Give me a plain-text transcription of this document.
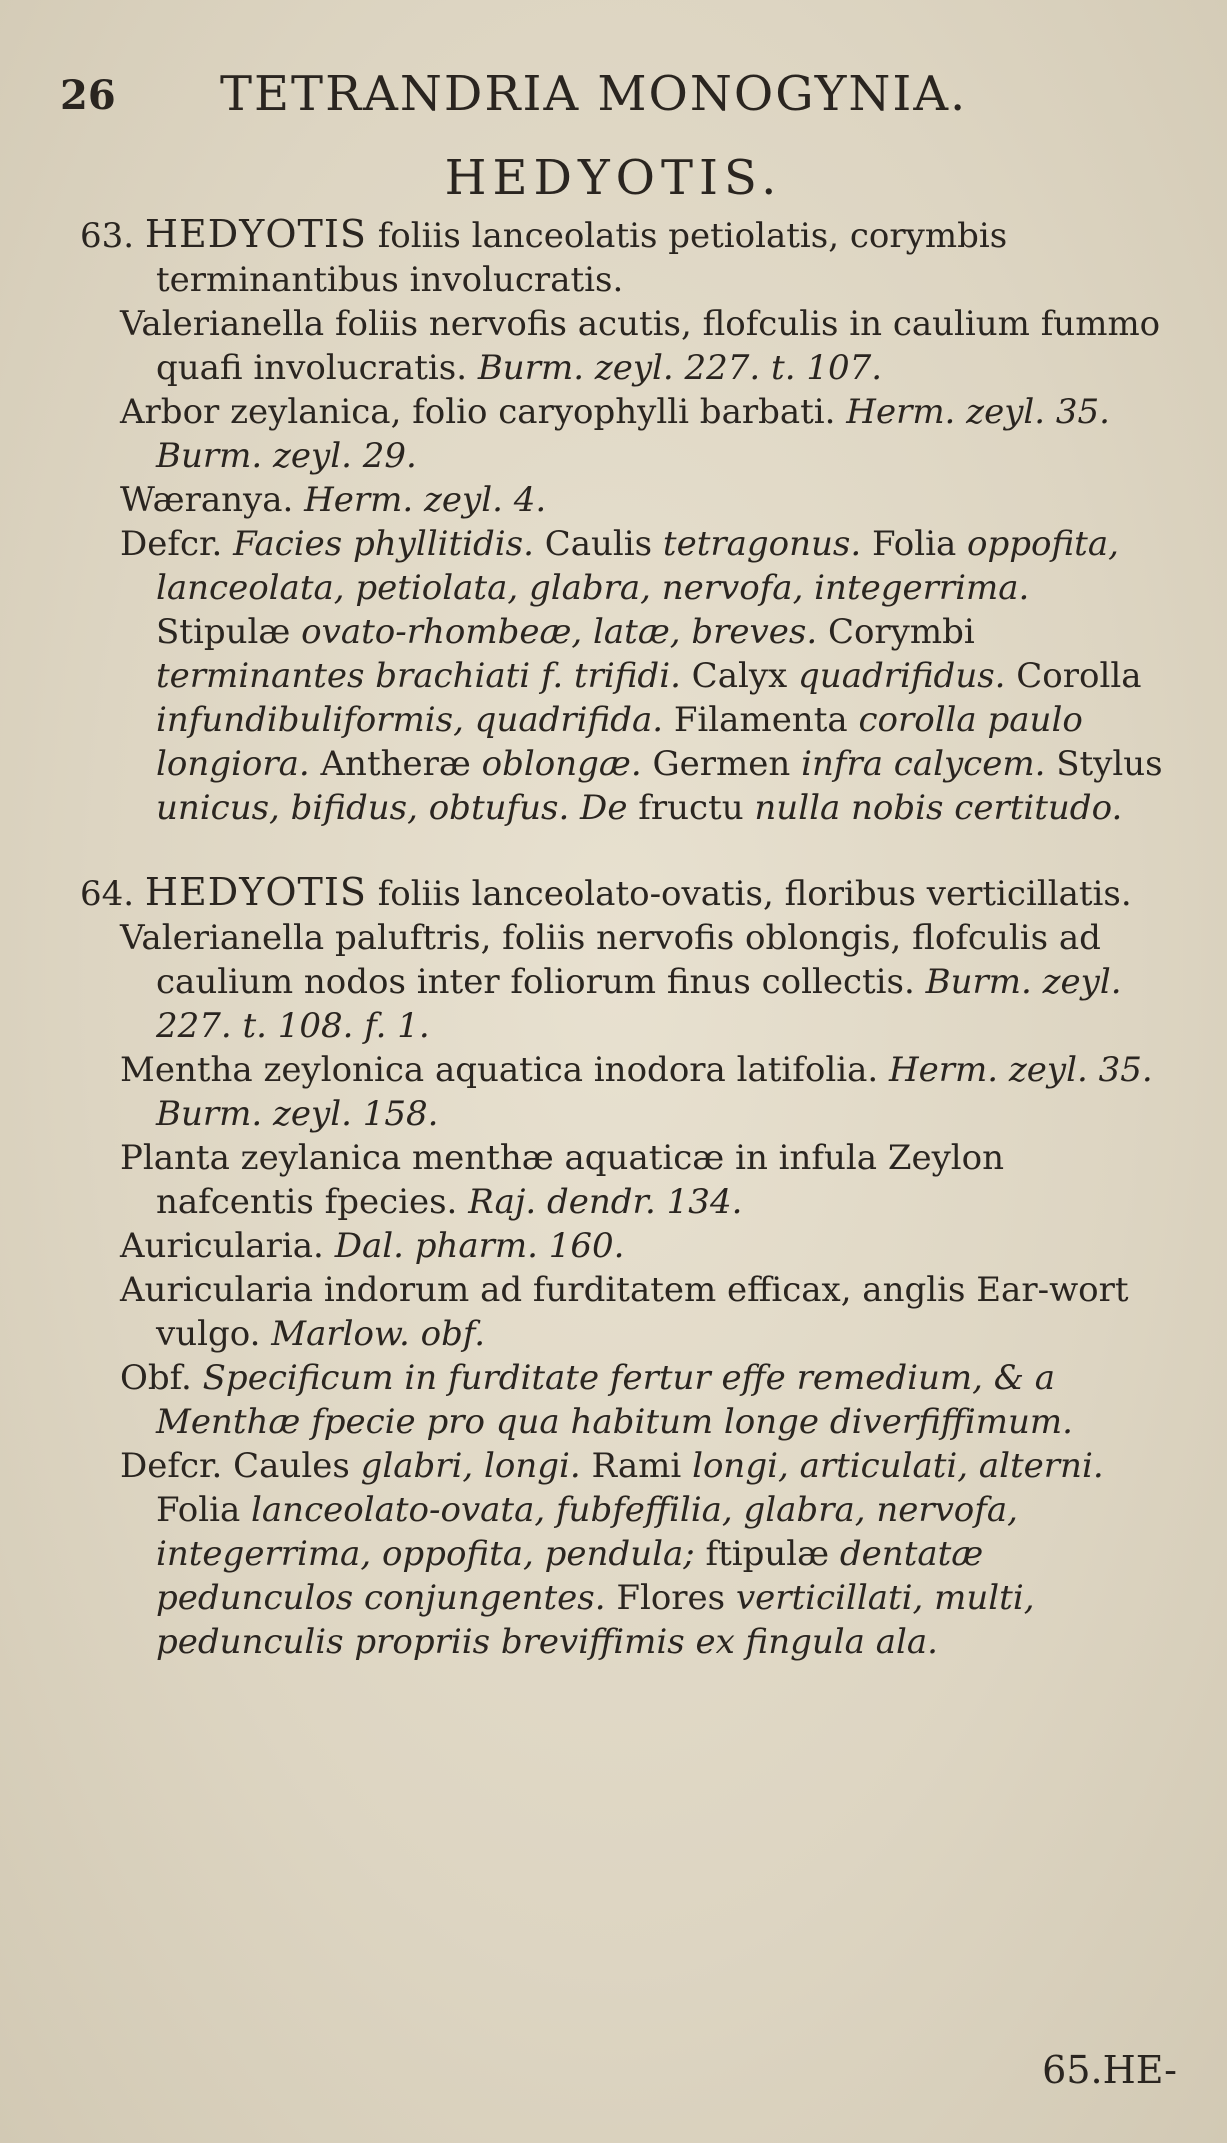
26 TETRANDRIA MONOGYNIA.
HEDYOTIS.

63. HEDYOTIS foliis lanceolatis petiolatis, corymbis terminantibus involucratis.

Valerianella foliis nervofis acutis, flofculis in caulium fummo quafi involucratis. Burm. zeyl. 227. t. 107.

Arbor zeylanica, folio caryophylli barbati. Herm. zeyl. 35. Burm. zeyl. 29.

Wæranya. Herm. zeyl. 4.

Defcr. Facies phyllitidis. Caulis tetragonus. Folia oppofita, lanceolata, petiolata, glabra, nervofa, integerrima. Stipulæ ovato-rhombeæ, latæ, breves. Corymbi terminantes brachiati f. trifidi. Calyx quadrifidus. Corolla infundibuliformis, quadrifida. Filamenta corolla paulo longiora. Antheræ oblongæ. Germen infra calycem. Stylus unicus, bifidus, obtufus. De fructu nulla nobis certitudo.

64. HEDYOTIS foliis lanceolato-ovatis, floribus verticillatis.

Valerianella paluftris, foliis nervofis oblongis, flofculis ad caulium nodos inter foliorum finus collectis. Burm. zeyl. 227. t. 108. f. 1.

Mentha zeylonica aquatica inodora latifolia. Herm. zeyl. 35. Burm. zeyl. 158.

Planta zeylanica menthæ aquaticæ in infula Zeylon nafcentis fpecies. Raj. dendr. 134.

Auricularia. Dal. pharm. 160.

Auricularia indorum ad furditatem efficax, anglis Ear-wort vulgo. Marlow. obf.

Obf. Specificum in furditate fertur effe remedium, & a Menthæ fpecie pro qua habitum longe diverfiffimum.

Defcr. Caules glabri, longi. Rami longi, articulati, alterni. Folia lanceolato-ovata, fubfeffilia, glabra, nervofa, integerrima, oppofita, pendula; ftipulæ dentatæ pedunculos conjungentes. Flores verticillati, multi, pedunculis propriis breviffimis ex fingula ala.

65.HE-
